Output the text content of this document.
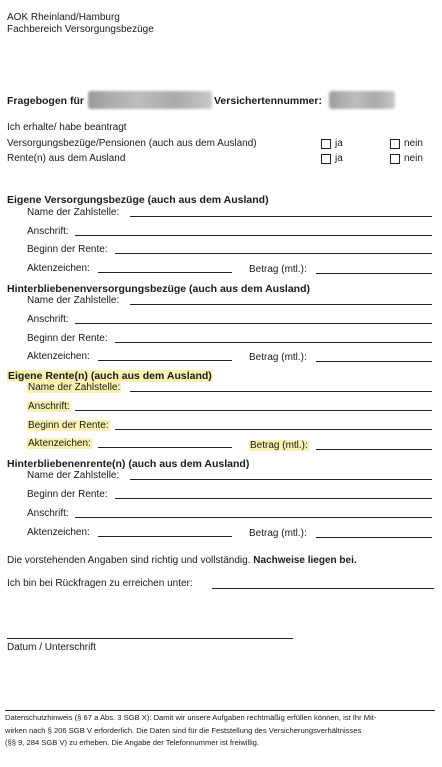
AOK Rheinland/Hamburg
Fachbereich Versorgungsbezüge
Fragebogen für	Versichertennummer:
Ich erhalte/ habe beantragt
Versorgungsbezüge/Pensionen (auch aus dem Ausland)	ja	nein
Rente(n) aus dem Ausland	ja	nein
Eigene Versorgungsbezüge (auch aus dem Ausland)
Name der Zahlstelle:
Anschrift:
Beginn der Rente:
Aktenzeichen:	Betrag (mtl.):
Hinterbliebenenversorgungsbezüge (auch aus dem Ausland)
Name der Zahlstelle:
Anschrift:
Beginn der Rente:
Aktenzeichen:	Betrag (mtl.):
Eigene Rente(n) (auch aus dem Ausland)
Name der Zahlstelle:
Anschrift:
Beginn der Rente:
Aktenzeichen:	Betrag (mtl.):
Hinterbliebenenrente(n) (auch aus dem Ausland)
Name der Zahlstelle:
Beginn der Rente:
Anschrift:
Aktenzeichen:	Betrag (mtl.):
Die vorstehenden Angaben sind richtig und vollständig. Nachweise liegen bei.
Ich bin bei Rückfragen zu erreichen unter:
Datum / Unterschrift
Datenschutzhinweis (§ 67 a Abs. 3 SGB X): Damit wir unsere Aufgaben rechtmäßig erfüllen können, ist Ihr Mit-
wirken nach § 206 SGB V erforderlich. Die Daten sind für die Feststellung des Versicherungsverhältnisses
(§§ 9, 284 SGB V) zu erheben. Die Angabe der Telefonnummer ist freiwillig.
